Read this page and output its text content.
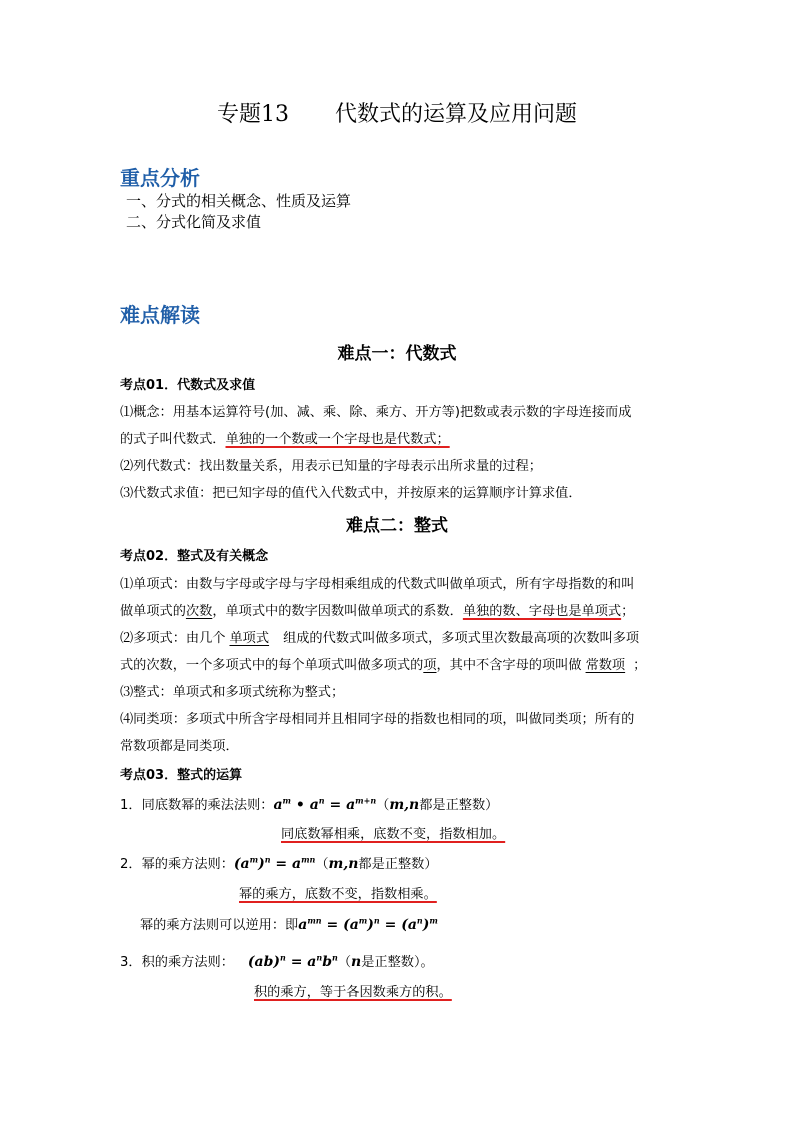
专题13 代数式的运算及应用问题
重点分析
一、分式的相关概念、性质及运算
二、分式化简及求值
难点解读
难点一：代数式
考点01．代数式及求值
⑴概念：用基本运算符号(加、减、乘、除、乘方、开方等)把数或表示数的字母连接而成
的式子叫代数式．单独的一个数或一个字母也是代数式；
⑵列代数式：找出数量关系，用表示已知量的字母表示出所求量的过程；
⑶代数式求值：把已知字母的值代入代数式中，并按原来的运算顺序计算求值．
难点二：整式
考点02．整式及有关概念
⑴单项式：由数与字母或字母与字母相乘组成的代数式叫做单项式，所有字母指数的和叫
做单项式的次数，单项式中的数字因数叫做单项式的系数．单独的数、字母也是单项式；
⑵多项式：由几个 单项式 组成的代数式叫做多项式，多项式里次数最高项的次数叫多项
式的次数，一个多项式中的每个单项式叫做多项式的项，其中不含字母的项叫做 常数项 ；
⑶整式：单项式和多项式统称为整式；
⑷同类项：多项式中所含字母相同并且相同字母的指数也相同的项，叫做同类项；所有的
常数项都是同类项．
考点03．整式的运算
1．同底数幂的乘法法则：$a^m$ • $a^n = a^{m+n}(m,n$都是正整数）
同底数幂相乘，底数不变，指数相加。
2．幂的乘方法则：$(a^m)^n = a^{mn}(m,n$都是正整数）
幂的乘方，底数不变，指数相乘。
幂的乘方法则可以逆用：即$a^{mn} = (a^m)^n = (a^n)^m$
3．积的乘方法则： $(ab)^n = a^nb^n(n$是正整数）。
积的乘方，等于各因数乘方的积。
